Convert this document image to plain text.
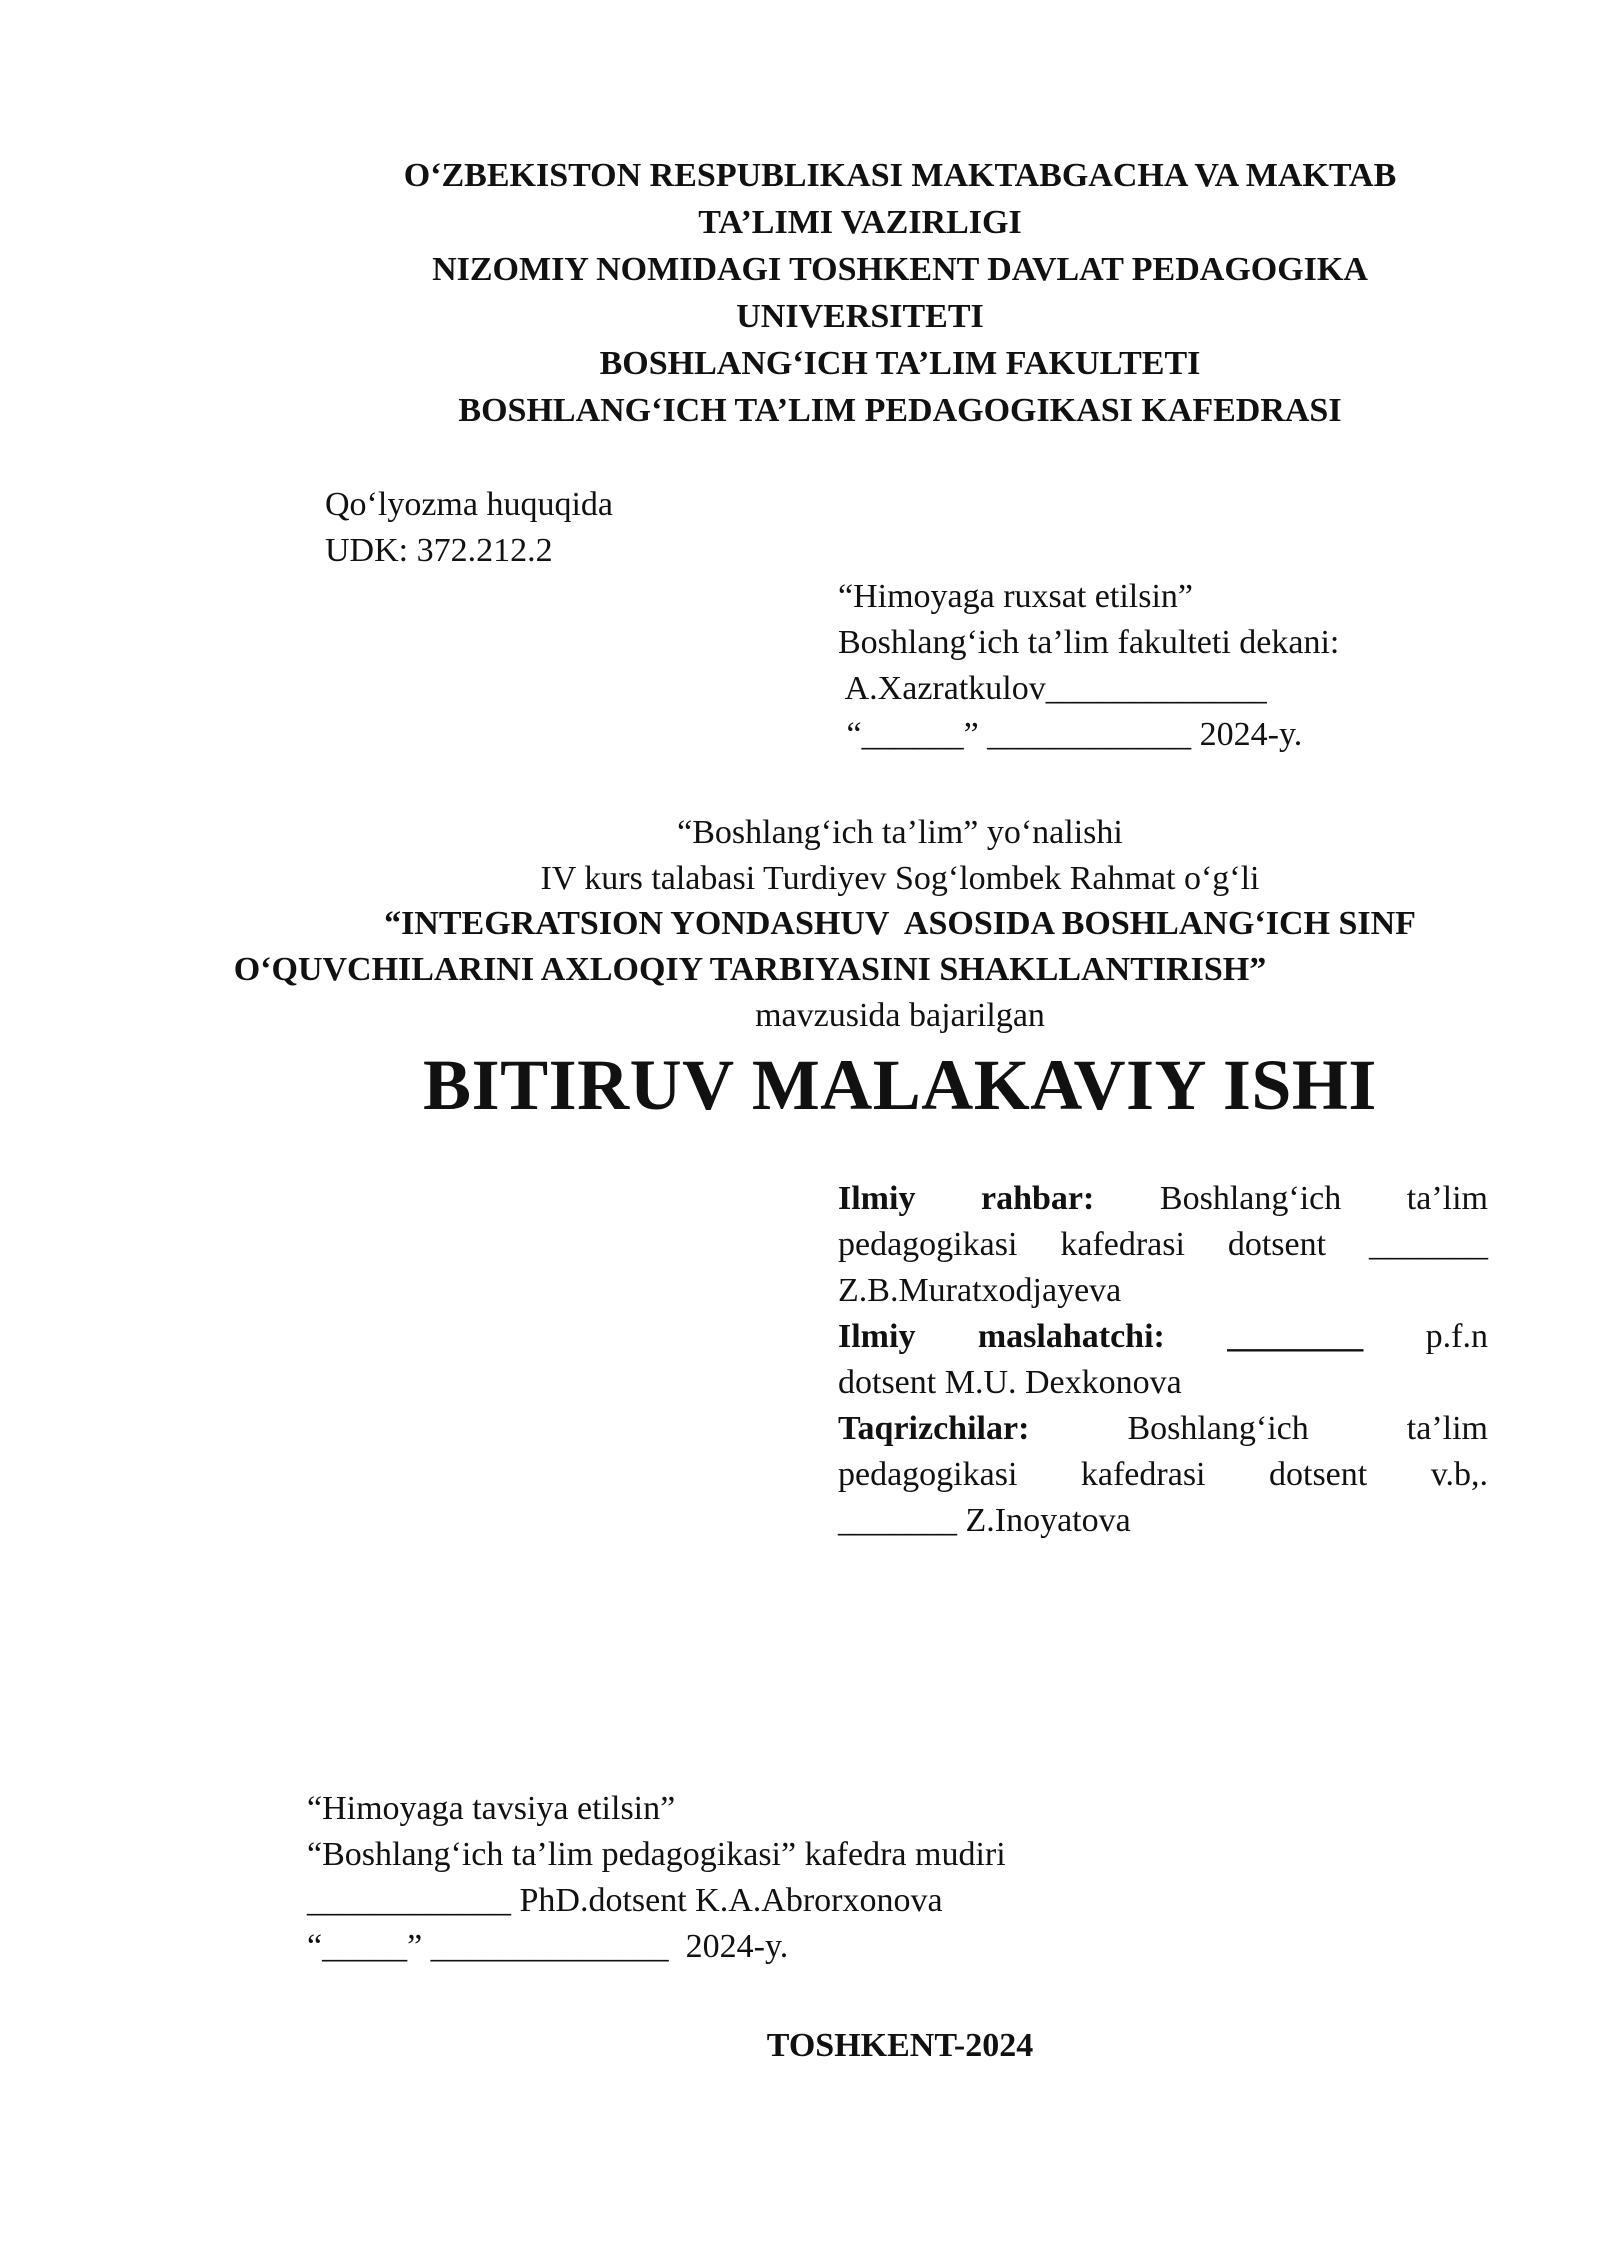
O‘ZBEKISTON RESPUBLIKASI MAKTABGACHA VA MAKTAB
TA’LIMI VAZIRLIGI
NIZOMIY NOMIDAGI TOSHKENT DAVLAT PEDAGOGIKA
UNIVERSITETI
BOSHLANG‘ICH TA’LIM FAKULTETI
BOSHLANG‘ICH TA’LIM PEDAGOGIKASI KAFEDRASI
Qo‘lyozma huquqida
UDK: 372.212.2
“Himoyaga ruxsat etilsin”
Boshlang‘ich ta’lim fakulteti dekani:
A.Xazratkulov_____________
“______” ____________ 2024-y.
“Boshlang‘ich ta’lim” yo‘nalishi
IV kurs talabasi Turdiyev Sog‘lombek Rahmat o‘g‘li
“INTEGRATSION YONDASHUV  ASOSIDA BOSHLANG‘ICH SINF
O‘QUVCHILARINI AXLOQIY TARBIYASINI SHAKLLANTIRISH”
mavzusida bajarilgan
BITIRUV MALAKAVIY ISHI
Ilmiy rahbar: Boshlang‘ich ta’lim
pedagogikasi kafedrasi dotsent _______
Z.B.Muratxodjayeva
Ilmiy maslahatchi: ________ p.f.n
dotsent M.U. Dexkonova
Taqrizchilar:	Boshlang‘ich ta’lim
pedagogikasi kafedrasi dotsent v.b,.
_______ Z.Inoyatova
“Himoyaga tavsiya etilsin”
“Boshlang‘ich ta’lim pedagogikasi” kafedra mudiri
____________ PhD.dotsent K.A.Abrorxonova
“_____” ______________  2024-y.
TOSHKENT-2024
